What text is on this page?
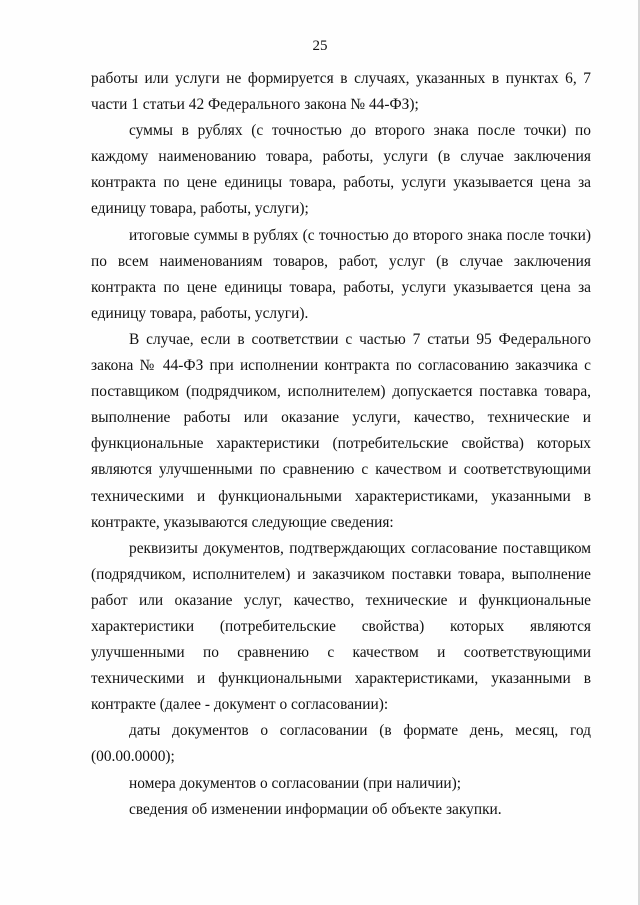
25

работы или услуги не формируется в случаях, указанных в пунктах 6, 7 части 1 статьи 42 Федерального закона № 44-ФЗ);

суммы в рублях (с точностью до второго знака после точки) по каждому наименованию товара, работы, услуги (в случае заключения контракта по цене единицы товара, работы, услуги указывается цена за единицу товара, работы, услуги);

итоговые суммы в рублях (с точностью до второго знака после точки) по всем наименованиям товаров, работ, услуг (в случае заключения контракта по цене единицы товара, работы, услуги указывается цена за единицу товара, работы, услуги).

В случае, если в соответствии с частью 7 статьи 95 Федерального закона № 44-ФЗ при исполнении контракта по согласованию заказчика с поставщиком (подрядчиком, исполнителем) допускается поставка товара, выполнение работы или оказание услуги, качество, технические и функциональные характеристики (потребительские свойства) которых являются улучшенными по сравнению с качеством и соответствующими техническими и функциональными характеристиками, указанными в контракте, указываются следующие сведения:

реквизиты документов, подтверждающих согласование поставщиком (подрядчиком, исполнителем) и заказчиком поставки товара, выполнение работ или оказание услуг, качество, технические и функциональные характеристики (потребительские свойства) которых являются улучшенными по сравнению с качеством и соответствующими техническими и функциональными характеристиками, указанными в контракте (далее - документ о согласовании):

даты документов о согласовании (в формате день, месяц, год (00.00.0000);

номера документов о согласовании (при наличии);

сведения об изменении информации об объекте закупки.
